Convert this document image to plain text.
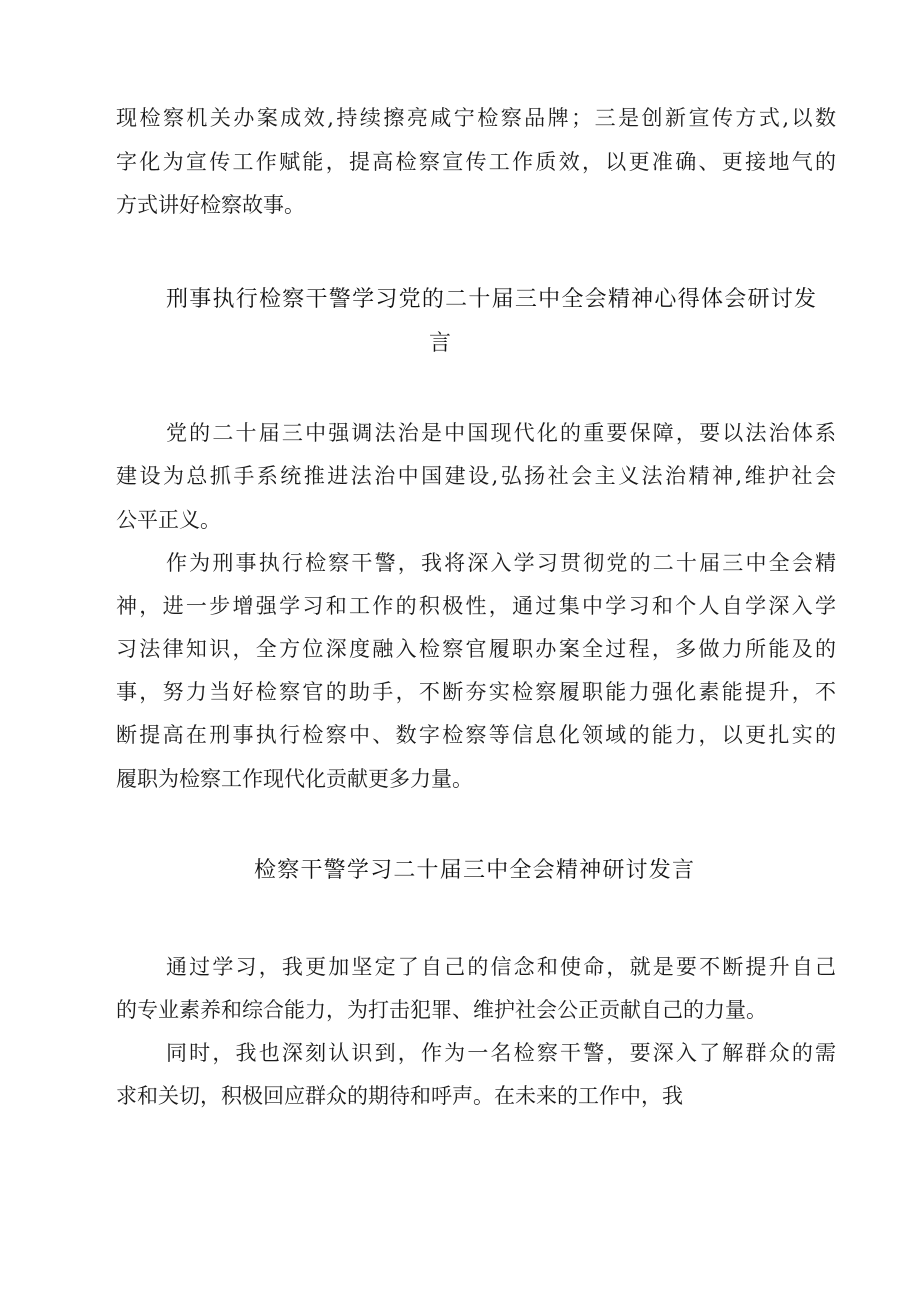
现检察机关办案成效,持续擦亮咸宁检察品牌；三是创新宣传方式,以数
字化为宣传工作赋能，提高检察宣传工作质效，以更准确、更接地气的
方式讲好检察故事。
刑事执行检察干警学习党的二十届三中全会精神心得体会研讨发
言
党的二十届三中强调法治是中国现代化的重要保障，要以法治体系
建设为总抓手系统推进法治中国建设,弘扬社会主义法治精神,维护社会
公平正义。
作为刑事执行检察干警，我将深入学习贯彻党的二十届三中全会精
神，进一步增强学习和工作的积极性，通过集中学习和个人自学深入学
习法律知识，全方位深度融入检察官履职办案全过程，多做力所能及的
事，努力当好检察官的助手，不断夯实检察履职能力强化素能提升，不
断提高在刑事执行检察中、数字检察等信息化领域的能力，以更扎实的
履职为检察工作现代化贡献更多力量。
检察干警学习二十届三中全会精神研讨发言
通过学习，我更加坚定了自己的信念和使命，就是要不断提升自己
的专业素养和综合能力，为打击犯罪、维护社会公正贡献自己的力量。
同时，我也深刻认识到，作为一名检察干警，要深入了解群众的需
求和关切，积极回应群众的期待和呼声。在未来的工作中，我
